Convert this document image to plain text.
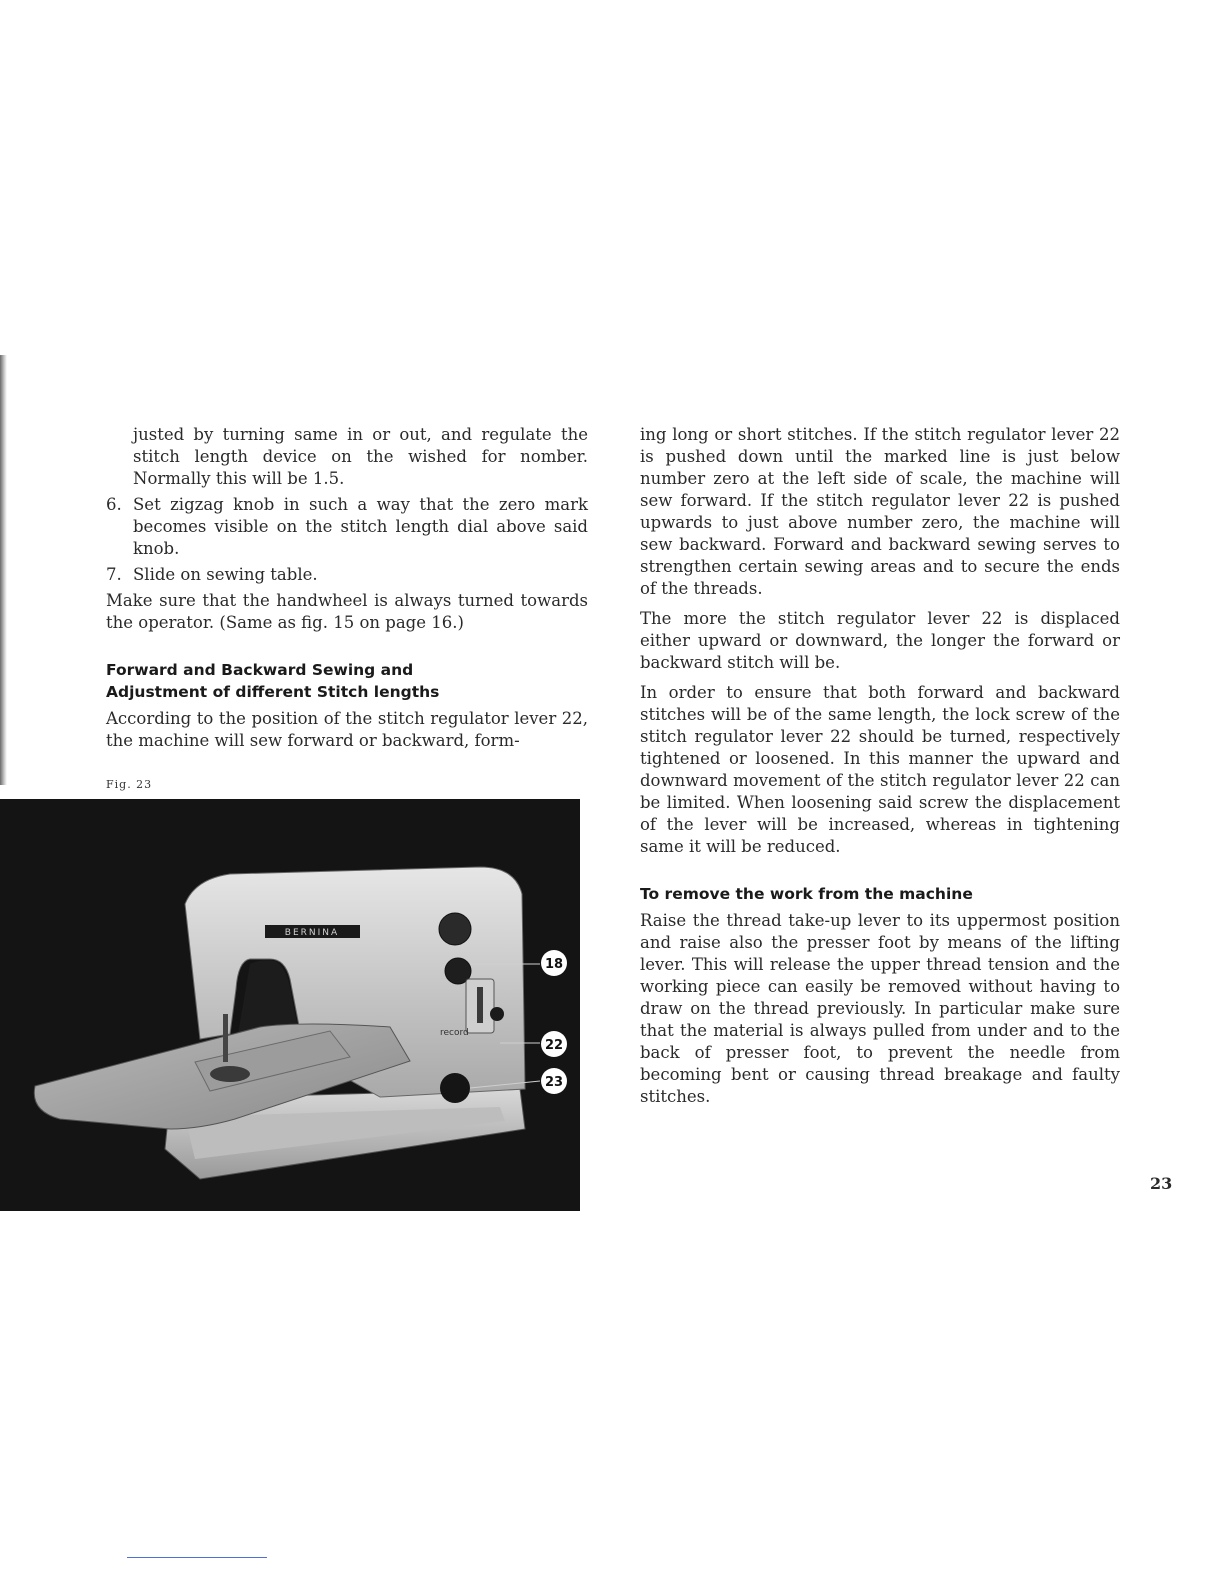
justed by turning same in or out, and regulate the stitch length device on the wished for nomber. Normally this will be 1.5.

6. Set zigzag knob in such a way that the zero mark becomes visible on the stitch length dial above said knob.
7. Slide on sewing table.

Make sure that the handwheel is always turned towards the operator. (Same as fig. 15 on page 16.)

Forward and Backward Sewing and
Adjustment of different Stitch lengths

According to the position of the stitch regulator lever 22, the machine will sew forward or backward, form-

Fig. 23
BERNINA
record
18
22
23

ing long or short stitches. If the stitch regulator lever 22 is pushed down until the marked line is just below number zero at the left side of scale, the machine will sew forward. If the stitch regulator lever 22 is pushed upwards to just above number zero, the machine will sew backward. Forward and backward sewing serves to strengthen certain sewing areas and to secure the ends of the threads.

The more the stitch regulator lever 22 is displaced either upward or downward, the longer the forward or backward stitch will be.

In order to ensure that both forward and backward stitches will be of the same length, the lock screw of the stitch regulator lever 22 should be turned, respectively tightened or loosened. In this manner the upward and downward movement of the stitch regulator lever 22 can be limited. When loosening said screw the displacement of the lever will be increased, whereas in tightening same it will be reduced.

To remove the work from the machine

Raise the thread take-up lever to its uppermost position and raise also the presser foot by means of the lifting lever. This will release the upper thread tension and the working piece can easily be removed without having to draw on the thread previously. In particular make sure that the material is always pulled from under and to the back of presser foot, to prevent the needle from becoming bent or causing thread breakage and faulty stitches.

23
